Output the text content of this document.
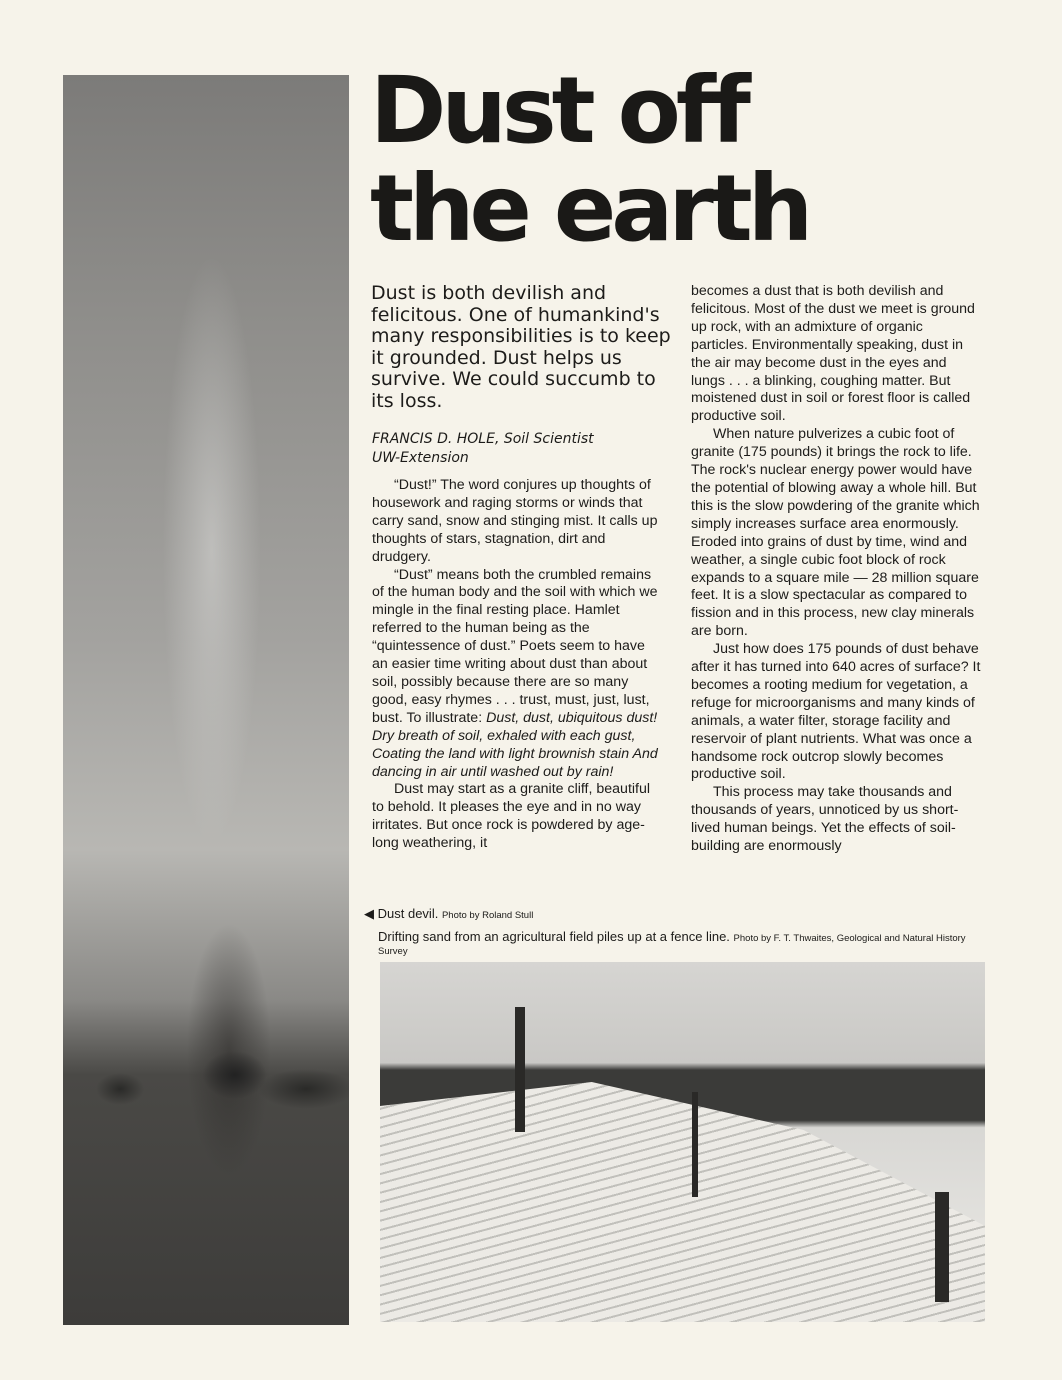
Dust off
the earth

Dust is both devilish and felicitous. One of humankind's many responsibilities is to keep it grounded. Dust helps us survive. We could succumb to its loss.

FRANCIS D. HOLE, Soil Scientist
UW-Extension

“Dust!” The word conjures up thoughts of housework and raging storms or winds that carry sand, snow and stinging mist. It calls up thoughts of stars, stagnation, dirt and drudgery.

“Dust” means both the crumbled remains of the human body and the soil with which we mingle in the final resting place. Hamlet referred to the human being as the “quintessence of dust.” Poets seem to have an easier time writing about dust than about soil, possibly because there are so many good, easy rhymes . . . trust, must, just, lust, bust. To illustrate: Dust, dust, ubiquitous dust! Dry breath of soil, exhaled with each gust, Coating the land with light brownish stain And dancing in air until washed out by rain!

Dust may start as a granite cliff, beautiful to behold. It pleases the eye and in no way irritates. But once rock is powdered by age-long weathering, it

becomes a dust that is both devilish and felicitous. Most of the dust we meet is ground up rock, with an admixture of organic particles. Environmentally speaking, dust in the air may become dust in the eyes and lungs . . . a blinking, coughing matter. But moistened dust in soil or forest floor is called productive soil.

When nature pulverizes a cubic foot of granite (175 pounds) it brings the rock to life. The rock's nuclear energy power would have the potential of blowing away a whole hill. But this is the slow powdering of the granite which simply increases surface area enormously. Eroded into grains of dust by time, wind and weather, a single cubic foot block of rock expands to a square mile — 28 million square feet. It is a slow spectacular as compared to fission and in this process, new clay minerals are born.

Just how does 175 pounds of dust behave after it has turned into 640 acres of surface? It becomes a rooting medium for vegetation, a refuge for microorganisms and many kinds of animals, a water filter, storage facility and reservoir of plant nutrients. What was once a handsome rock outcrop slowly becomes productive soil.

This process may take thousands and thousands of years, unnoticed by us short-lived human beings. Yet the effects of soil-building are enormously

◀ Dust devil. Photo by Roland Stull
Drifting sand from an agricultural field piles up at a fence line. Photo by F. T. Thwaites, Geological and Natural History Survey
